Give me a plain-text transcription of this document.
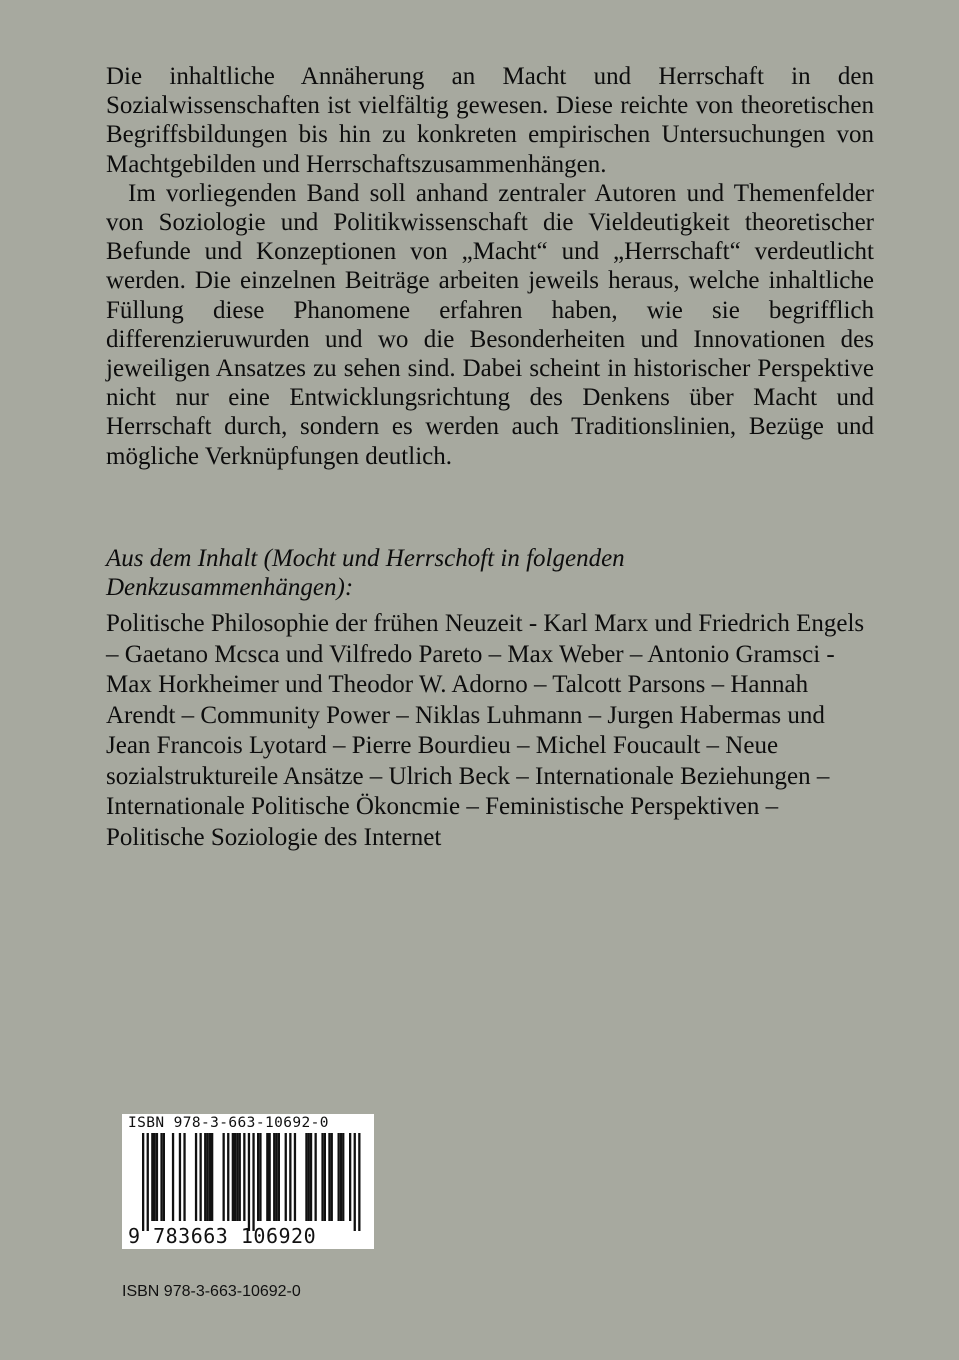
Die inhaltliche Annäherung an Macht und Herrschaft in den Sozialwissenschaften ist vielfältig gewesen. Diese reichte von theoretischen Begriffsbildungen bis hin zu konkreten empirischen Untersuchungen von Machtgebilden und Herrschaftszusammenhängen.

Im vorliegenden Band soll anhand zentraler Autoren und Themenfelder von Soziologie und Politikwissenschaft die Vieldeutigkeit theoretischer Befunde und Konzeptionen von „Macht“ und „Herrschaft“ verdeutlicht werden. Die einzelnen Beiträge arbeiten jeweils heraus, welche inhaltliche Füllung diese Phanomene erfahren haben, wie sie begrifflich differenzieruwurden und wo die Besonderheiten und Innovationen des jeweiligen Ansatzes zu sehen sind. Dabei scheint in historischer Perspektive nicht nur eine Entwicklungsrichtung des Denkens über Macht und Herrschaft durch, sondern es werden auch Traditionslinien, Bezüge und mögliche Verknüpfungen deutlich.

Aus dem Inhalt (Mocht und Herrschoft in folgenden Denkzusammenhängen):

Politische Philosophie der frühen Neuzeit - Karl Marx und Friedrich Engels – Gaetano Mcsca und Vilfredo Pareto – Max Weber – Antonio Gramsci - Max Horkheimer und Theodor W. Adorno – Talcott Parsons – Hannah Arendt – Community Power – Niklas Luhmann – Jurgen Habermas und Jean Francois Lyotard – Pierre Bourdieu – Michel Foucault – Neue sozialstruktureile Ansätze – Ulrich Beck – Internationale Beziehungen – Internationale Politische Ökoncmie – Feministische Perspektiven – Politische Soziologie des Internet

ISBN 978-3-663-10692-0
9 783663 106920
ISBN 978-3-663-10692-0
